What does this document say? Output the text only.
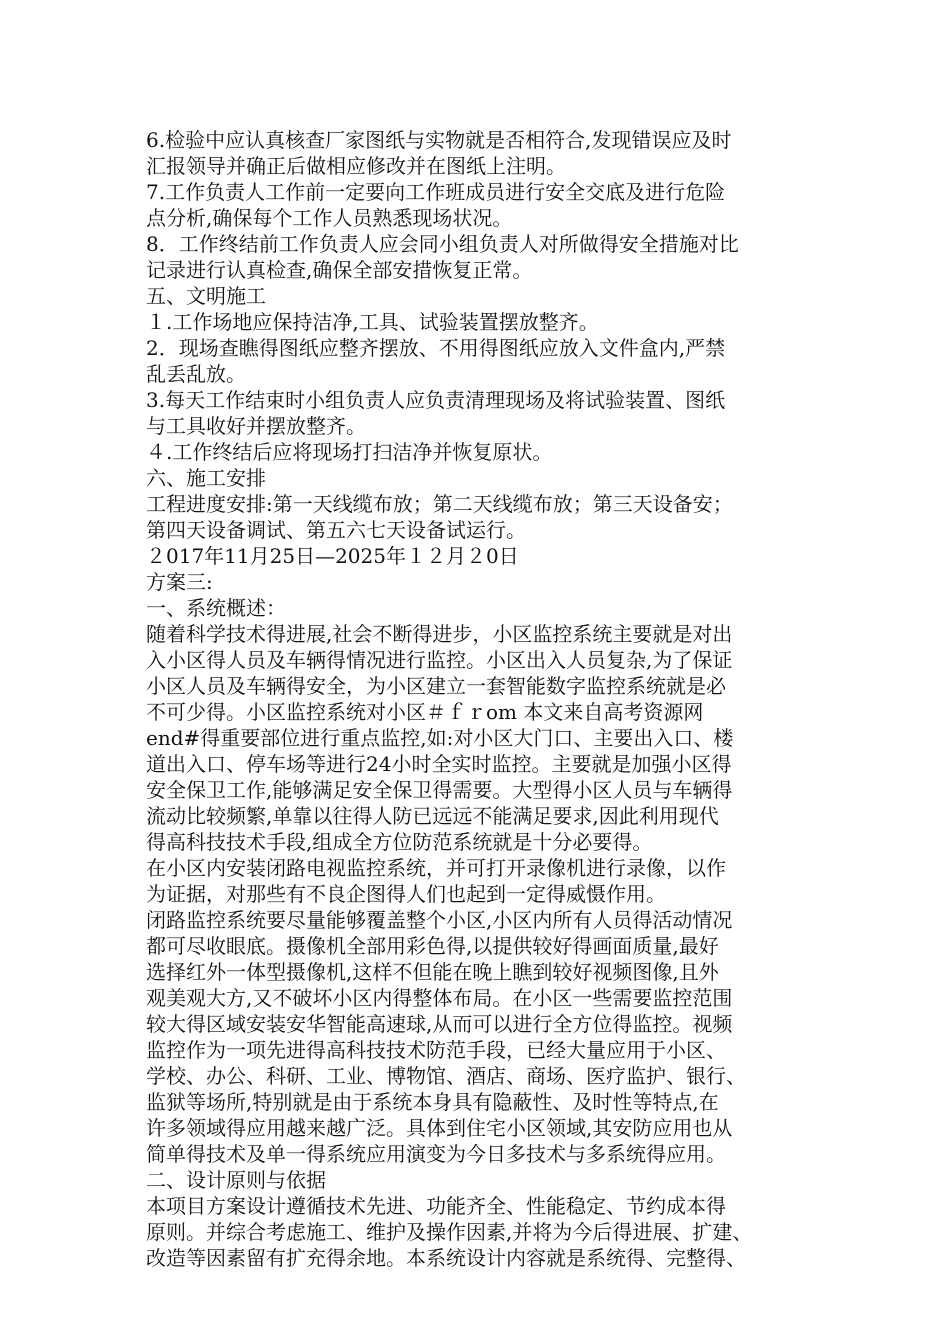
6.检验中应认真核查厂家图纸与实物就是否相符合,发现错误应及时
汇报领导并确正后做相应修改并在图纸上注明。
7.工作负责人工作前一定要向工作班成员进行安全交底及进行危险
点分析,确保每个工作人员熟悉现场状况。
8．工作终结前工作负责人应会同小组负责人对所做得安全措施对比
记录进行认真检查,确保全部安措恢复正常。
五、文明施工
１.工作场地应保持洁净,工具、试验装置摆放整齐。
2．现场查瞧得图纸应整齐摆放、不用得图纸应放入文件盒内,严禁
乱丢乱放。
3.每天工作结束时小组负责人应负责清理现场及将试验装置、图纸
与工具收好并摆放整齐。
４.工作终结后应将现场打扫洁净并恢复原状。
六、施工安排
工程进度安排:第一天线缆布放；第二天线缆布放；第三天设备安；
第四天设备调试、第五六七天设备试运行。
２017年11月25日—2025年１２月２0日
方案三:
一、系统概述：
随着科学技术得进展,社会不断得进步，小区监控系统主要就是对出
入小区得人员及车辆得情况进行监控。小区出入人员复杂,为了保证
小区人员及车辆得安全，为小区建立一套智能数字监控系统就是必
不可少得。小区监控系统对小区＃ｆｒom 本文来自高考资源网
end#得重要部位进行重点监控,如:对小区大门口、主要出入口、楼
道出入口、停车场等进行24小时全实时监控。主要就是加强小区得
安全保卫工作,能够满足安全保卫得需要。大型得小区人员与车辆得
流动比较频繁,单靠以往得人防已远远不能满足要求,因此利用现代
得高科技技术手段,组成全方位防范系统就是十分必要得。
在小区内安装闭路电视监控系统，并可打开录像机进行录像，以作
为证据，对那些有不良企图得人们也起到一定得威慑作用。
闭路监控系统要尽量能够覆盖整个小区,小区内所有人员得活动情况
都可尽收眼底。摄像机全部用彩色得,以提供较好得画面质量,最好
选择红外一体型摄像机,这样不但能在晚上瞧到较好视频图像,且外
观美观大方,又不破坏小区内得整体布局。在小区一些需要监控范围
较大得区域安装安华智能高速球,从而可以进行全方位得监控。视频
监控作为一项先进得高科技技术防范手段，已经大量应用于小区、
学校、办公、科研、工业、博物馆、酒店、商场、医疗监护、银行、
监狱等场所,特别就是由于系统本身具有隐蔽性、及时性等特点,在
许多领域得应用越来越广泛。具体到住宅小区领域,其安防应用也从
简单得技术及单一得系统应用演变为今日多技术与多系统得应用。
二、设计原则与依据
本项目方案设计遵循技术先进、功能齐全、性能稳定、节约成本得
原则。并综合考虑施工、维护及操作因素,并将为今后得进展、扩建、
改造等因素留有扩充得余地。本系统设计内容就是系统得、完整得、
